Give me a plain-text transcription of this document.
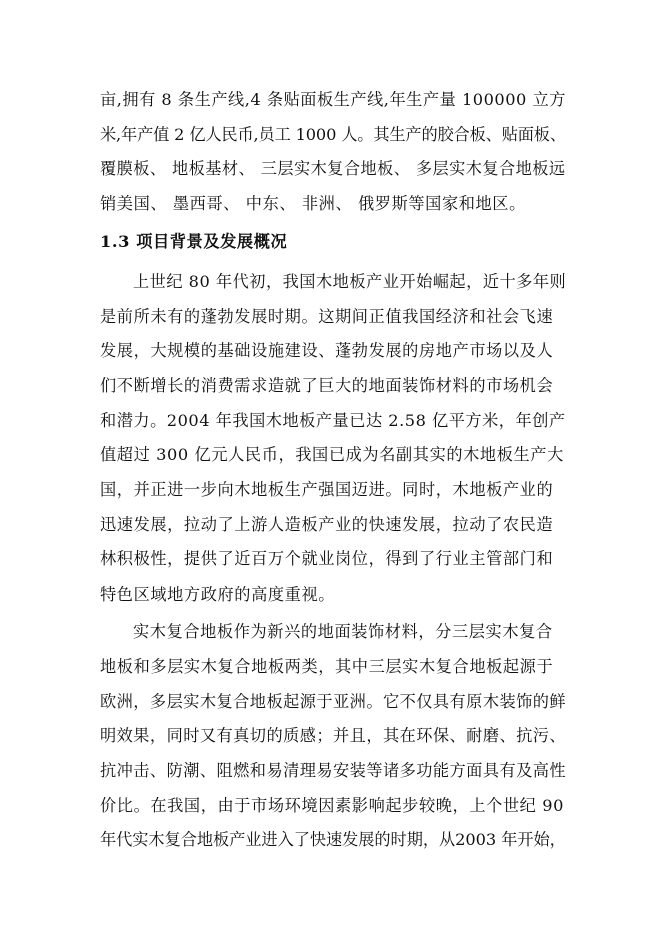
亩,拥有 8 条生产线,4 条贴面板生产线,年生产量 100000 立方
米,年产值 2 亿人民币,员工 1000 人。其生产的胶合板、贴面板、
覆膜板、 地板基材、 三层实木复合地板、 多层实木复合地板远
销美国、 墨西哥、 中东、 非洲、 俄罗斯等国家和地区。
1.3 项目背景及发展概况
上世纪 80 年代初，我国木地板产业开始崛起，近十多年则
是前所未有的蓬勃发展时期。这期间正值我国经济和社会飞速
发展，大规模的基础设施建设、蓬勃发展的房地产市场以及人
们不断增长的消费需求造就了巨大的地面装饰材料的市场机会
和潜力。2004 年我国木地板产量已达 2.58 亿平方米，年创产
值超过 300 亿元人民币，我国已成为名副其实的木地板生产大
国，并正进一步向木地板生产强国迈进。同时，木地板产业的
迅速发展，拉动了上游人造板产业的快速发展，拉动了农民造
林积极性，提供了近百万个就业岗位，得到了行业主管部门和
特色区域地方政府的高度重视。
实木复合地板作为新兴的地面装饰材料，分三层实木复合
地板和多层实木复合地板两类，其中三层实木复合地板起源于
欧洲，多层实木复合地板起源于亚洲。它不仅具有原木装饰的鲜
明效果，同时又有真切的质感；并且，其在环保、耐磨、抗污、
抗冲击、防潮、阻燃和易清理易安装等诸多功能方面具有及高性
价比。在我国，由于市场环境因素影响起步较晚，上个世纪 90
年代实木复合地板产业进入了快速发展的时期，从2003 年开始，
